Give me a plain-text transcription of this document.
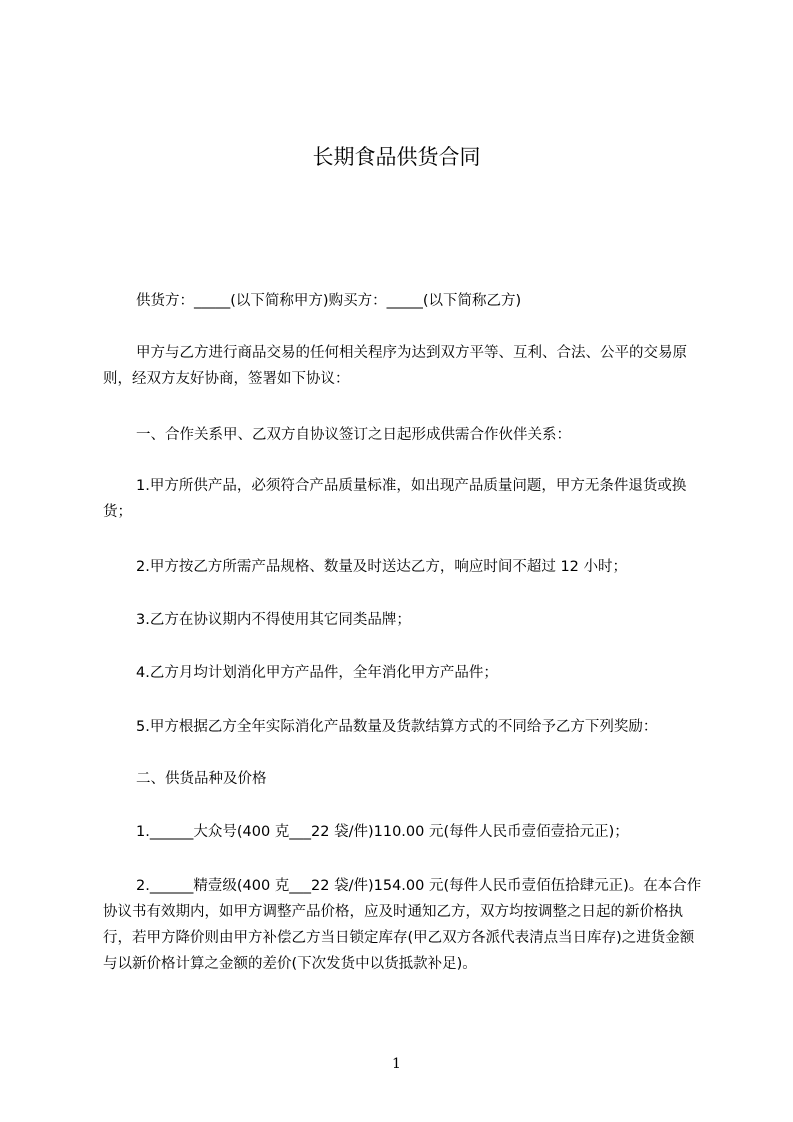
长期食品供货合同

供货方：_____(以下简称甲方)购买方：_____(以下简称乙方)

甲方与乙方进行商品交易的任何相关程序为达到双方平等、互利、合法、公平的交易原则，经双方友好协商，签署如下协议：

一、合作关系甲、乙双方自协议签订之日起形成供需合作伙伴关系：

1.甲方所供产品，必须符合产品质量标准，如出现产品质量问题，甲方无条件退货或换货；

2.甲方按乙方所需产品规格、数量及时送达乙方，响应时间不超过 12 小时；

3.乙方在协议期内不得使用其它同类品牌；

4.乙方月均计划消化甲方产品件，全年消化甲方产品件；

5.甲方根据乙方全年实际消化产品数量及货款结算方式的不同给予乙方下列奖励：

二、供货品种及价格

1.______大众号(400 克___22 袋/件)110.00 元(每件人民币壹佰壹拾元正)；

2.______精壹级(400 克___22 袋/件)154.00 元(每件人民币壹佰伍拾肆元正)。在本合作协议书有效期内，如甲方调整产品价格，应及时通知乙方，双方均按调整之日起的新价格执行，若甲方降价则由甲方补偿乙方当日锁定库存(甲乙双方各派代表清点当日库存)之进货金额与以新价格计算之金额的差价(下次发货中以货抵款补足)。

1
